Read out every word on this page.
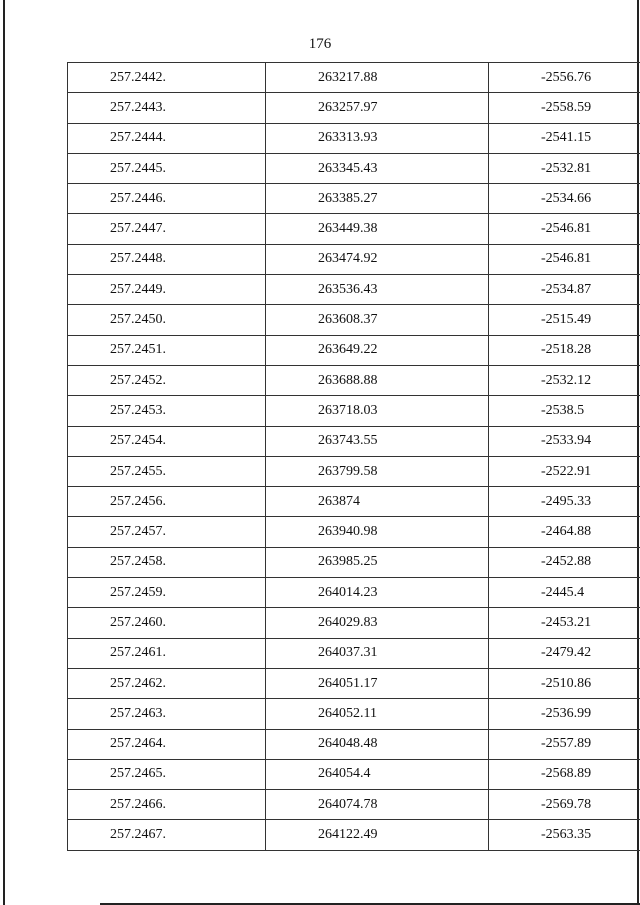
176
257.2442.	263217.88	-2556.76
257.2443.	263257.97	-2558.59
257.2444.	263313.93	-2541.15
257.2445.	263345.43	-2532.81
257.2446.	263385.27	-2534.66
257.2447.	263449.38	-2546.81
257.2448.	263474.92	-2546.81
257.2449.	263536.43	-2534.87
257.2450.	263608.37	-2515.49
257.2451.	263649.22	-2518.28
257.2452.	263688.88	-2532.12
257.2453.	263718.03	-2538.5
257.2454.	263743.55	-2533.94
257.2455.	263799.58	-2522.91
257.2456.	263874	-2495.33
257.2457.	263940.98	-2464.88
257.2458.	263985.25	-2452.88
257.2459.	264014.23	-2445.4
257.2460.	264029.83	-2453.21
257.2461.	264037.31	-2479.42
257.2462.	264051.17	-2510.86
257.2463.	264052.11	-2536.99
257.2464.	264048.48	-2557.89
257.2465.	264054.4	-2568.89
257.2466.	264074.78	-2569.78
257.2467.	264122.49	-2563.35
